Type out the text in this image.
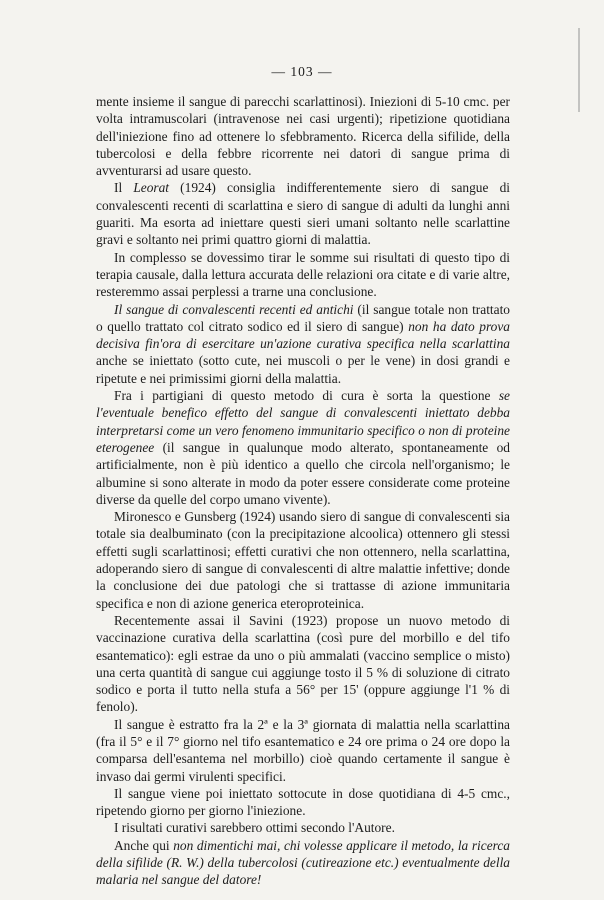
— 103 —

mente insieme il sangue di parecchi scarlattinosi). Iniezioni di 5-10 cmc. per volta intramuscolari (intravenose nei casi urgenti); ripetizione quotidiana dell'iniezione fino ad ottenere lo sfebbramento. Ricerca della sifilide, della tubercolosi e della febbre ricorrente nei datori di sangue prima di avventurarsi ad usare questo.

Il Leorat (1924) consiglia indifferentemente siero di sangue di convalescenti recenti di scarlattina e siero di sangue di adulti da lunghi anni guariti. Ma esorta ad iniettare questi sieri umani soltanto nelle scarlattine gravi e soltanto nei primi quattro giorni di malattia.

In complesso se dovessimo tirar le somme sui risultati di questo tipo di terapia causale, dalla lettura accurata delle relazioni ora citate e di varie altre, resteremmo assai perplessi a trarne una conclusione.

Il sangue di convalescenti recenti ed antichi (il sangue totale non trattato o quello trattato col citrato sodico ed il siero di sangue) non ha dato prova decisiva fin'ora di esercitare un'azione curativa specifica nella scarlattina anche se iniettato (sotto cute, nei muscoli o per le vene) in dosi grandi e ripetute e nei primissimi giorni della malattia.

Fra i partigiani di questo metodo di cura è sorta la questione se l'eventuale benefico effetto del sangue di convalescenti iniettato debba interpretarsi come un vero fenomeno immunitario specifico o non di proteine eterogenee (il sangue in qualunque modo alterato, spontaneamente od artificialmente, non è più identico a quello che circola nell'organismo; le albumine si sono alterate in modo da poter essere considerate come proteine diverse da quelle del corpo umano vivente).

Mironesco e Gunsberg (1924) usando siero di sangue di convalescenti sia totale sia dealbuminato (con la precipitazione alcoolica) ottennero gli stessi effetti sugli scarlattinosi; effetti curativi che non ottennero, nella scarlattina, adoperando siero di sangue di convalescenti di altre malattie infettive; donde la conclusione dei due patologi che si trattasse di azione immunitaria specifica e non di azione generica eteroproteinica.

Recentemente assai il Savini (1923) propose un nuovo metodo di vaccinazione curativa della scarlattina (così pure del morbillo e del tifo esantematico): egli estrae da uno o più ammalati (vaccino semplice o misto) una certa quantità di sangue cui aggiunge tosto il 5 % di soluzione di citrato sodico e porta il tutto nella stufa a 56° per 15' (oppure aggiunge l'1 % di fenolo).

Il sangue è estratto fra la 2ª e la 3ª giornata di malattia nella scarlattina (fra il 5° e il 7° giorno nel tifo esantematico e 24 ore prima o 24 ore dopo la comparsa dell'esantema nel morbillo) cioè quando certamente il sangue è invaso dai germi virulenti specifici.

Il sangue viene poi iniettato sottocute in dose quotidiana di 4-5 cmc., ripetendo giorno per giorno l'iniezione.

I risultati curativi sarebbero ottimi secondo l'Autore.

Anche qui non dimentichi mai, chi volesse applicare il metodo, la ricerca della sifilide (R. W.) della tubercolosi (cutireazione etc.) eventualmente della malaria nel sangue del datore!
